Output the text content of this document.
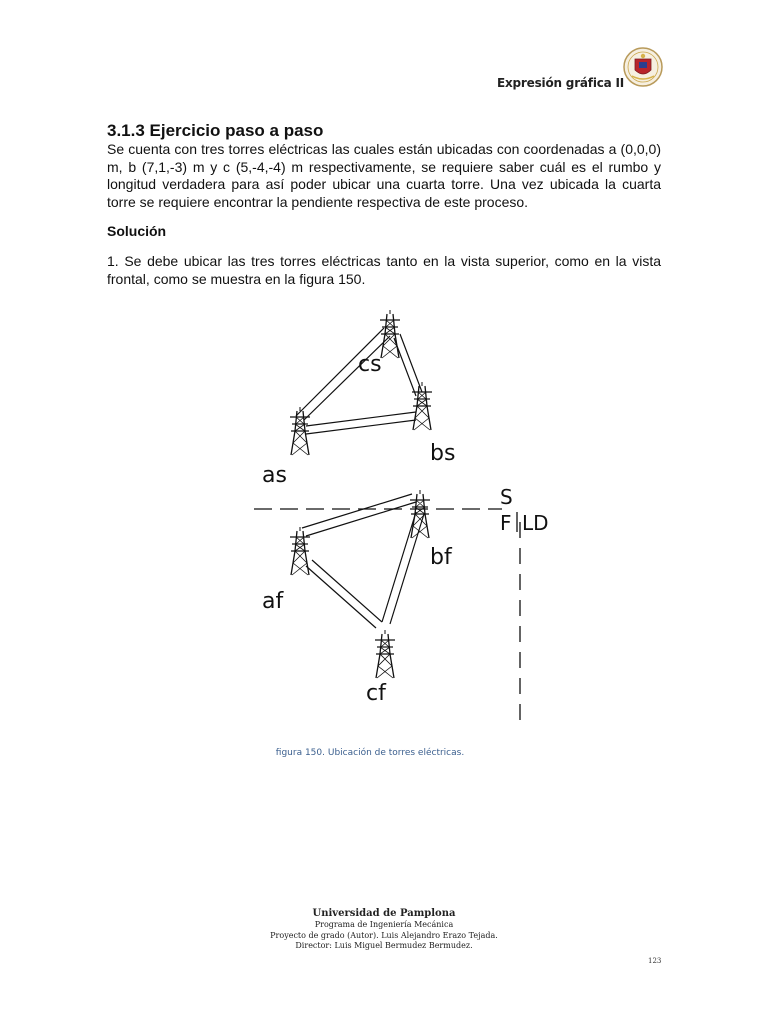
Expresión gráfica II
3.1.3 Ejercicio paso a paso

Se cuenta con tres torres eléctricas las cuales están ubicadas con coordenadas a (0,0,0) m, b (7,1,-3) m y c (5,-4,-4) m respectivamente, se requiere saber cuál es el rumbo y longitud verdadera para así poder ubicar una cuarta torre. Una vez ubicada la cuarta torre se requiere encontrar la pendiente respectiva de este proceso.

Solución

1. Se debe ubicar las tres torres eléctricas tanto en la vista superior, como en la vista frontal, como se muestra en la figura 150.

cs
as
bs
S
F LD
bf
af
cf
figura 150. Ubicación de torres eléctricas.
Universidad de Pamplona
Programa de Ingeniería Mecánica
Proyecto de grado (Autor). Luis Alejandro Erazo Tejada.
Director: Luis Miguel Bermudez Bermudez.
123
